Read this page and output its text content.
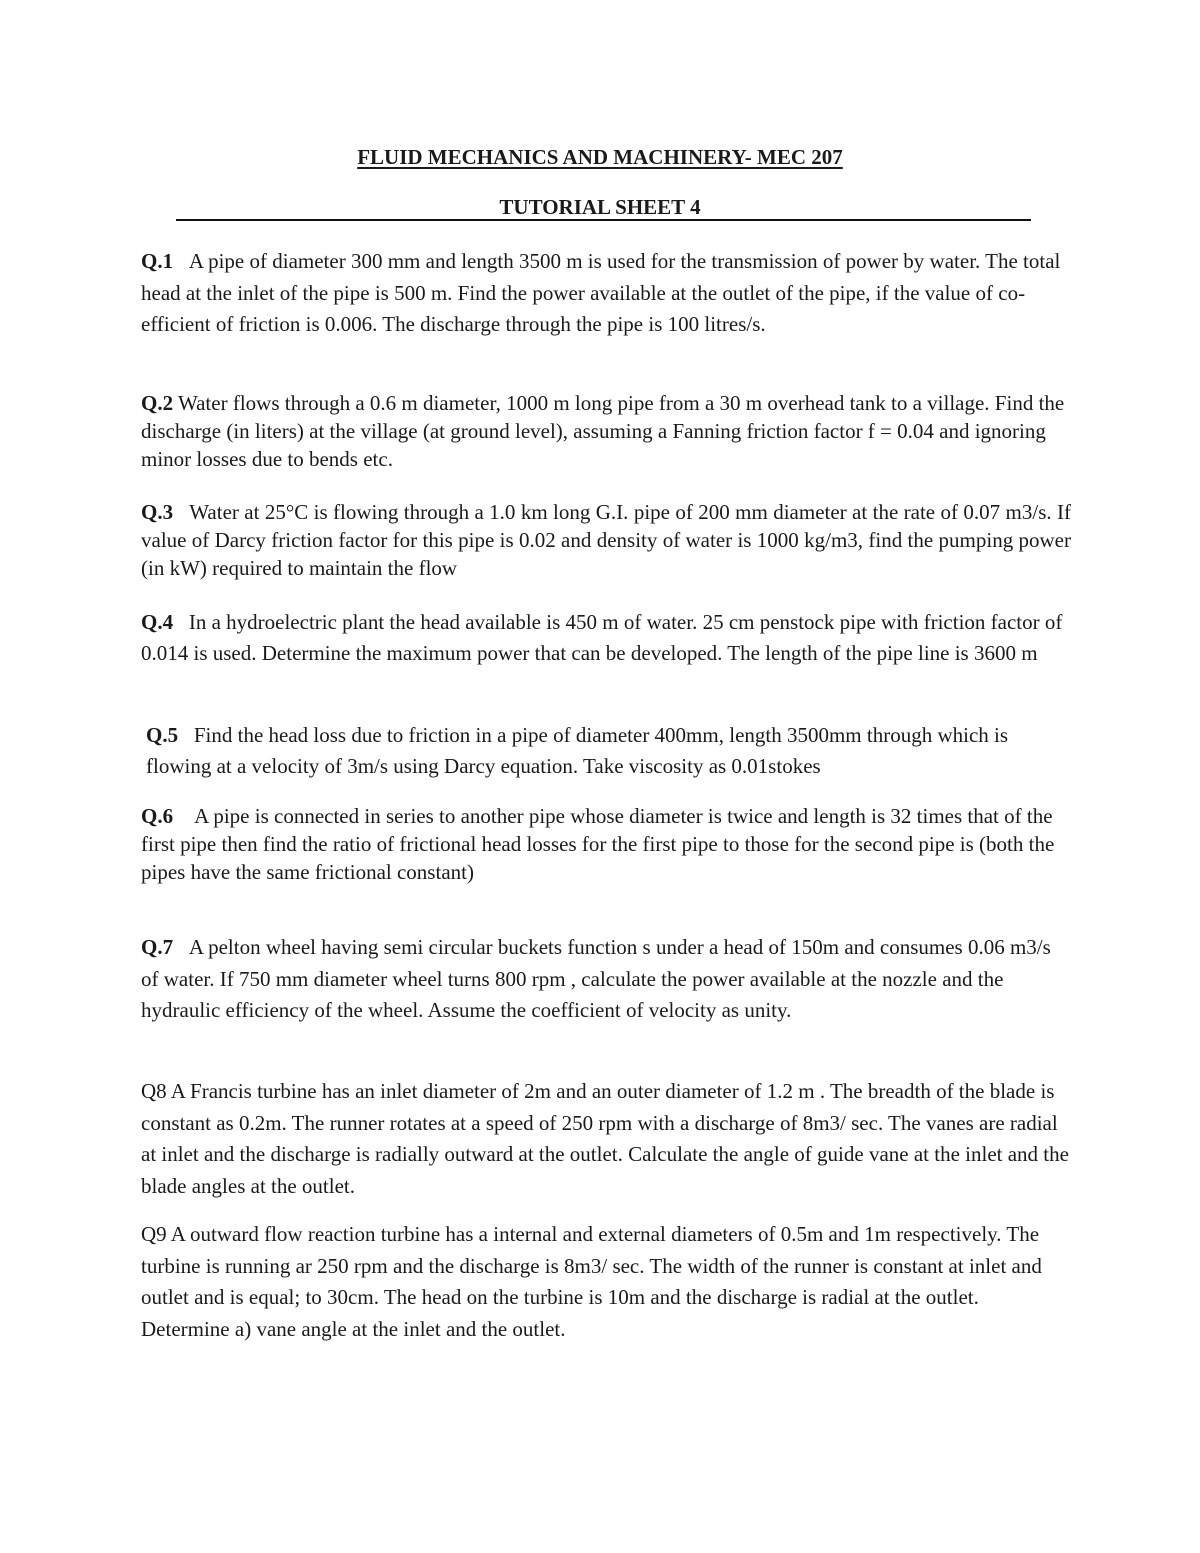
FLUID MECHANICS AND MACHINERY- MEC 207
TUTORIAL SHEET 4

Q.1 A pipe of diameter 300 mm and length 3500 m is used for the transmission of power by water. The total head at the inlet of the pipe is 500 m. Find the power available at the outlet of the pipe, if the value of co-efficient of friction is 0.006. The discharge through the pipe is 100 litres/s.

Q.2 Water flows through a 0.6 m diameter, 1000 m long pipe from a 30 m overhead tank to a village. Find the discharge (in liters) at the village (at ground level), assuming a Fanning friction factor f = 0.04 and ignoring minor losses due to bends etc.

Q.3 Water at 25°C is flowing through a 1.0 km long G.I. pipe of 200 mm diameter at the rate of 0.07 m3/s. If value of Darcy friction factor for this pipe is 0.02 and density of water is 1000 kg/m3, find the pumping power (in kW) required to maintain the flow

Q.4 In a hydroelectric plant the head available is 450 m of water. 25 cm penstock pipe with friction factor of 0.014 is used. Determine the maximum power that can be developed. The length of the pipe line is 3600 m

Q.5 Find the head loss due to friction in a pipe of diameter 400mm, length 3500mm through which is flowing at a velocity of 3m/s using Darcy equation. Take viscosity as 0.01stokes

Q.6 A pipe is connected in series to another pipe whose diameter is twice and length is 32 times that of the first pipe then find the ratio of frictional head losses for the first pipe to those for the second pipe is (both the pipes have the same frictional constant)

Q.7 A pelton wheel having semi circular buckets function s under a head of 150m and consumes 0.06 m3/s of water. If 750 mm diameter wheel turns 800 rpm , calculate the power available at the nozzle and the hydraulic efficiency of the wheel. Assume the coefficient of velocity as unity.

Q8 A Francis turbine has an inlet diameter of 2m and an outer diameter of 1.2 m . The breadth of the blade is constant as 0.2m. The runner rotates at a speed of 250 rpm with a discharge of 8m3/ sec. The vanes are radial at inlet and the discharge is radially outward at the outlet. Calculate the angle of guide vane at the inlet and the blade angles at the outlet.

Q9 A outward flow reaction turbine has a internal and external diameters of 0.5m and 1m respectively. The turbine is running ar 250 rpm and the discharge is 8m3/ sec. The width of the runner is constant at inlet and outlet and is equal; to 30cm. The head on the turbine is 10m and the discharge is radial at the outlet. Determine a) vane angle at the inlet and the outlet.
